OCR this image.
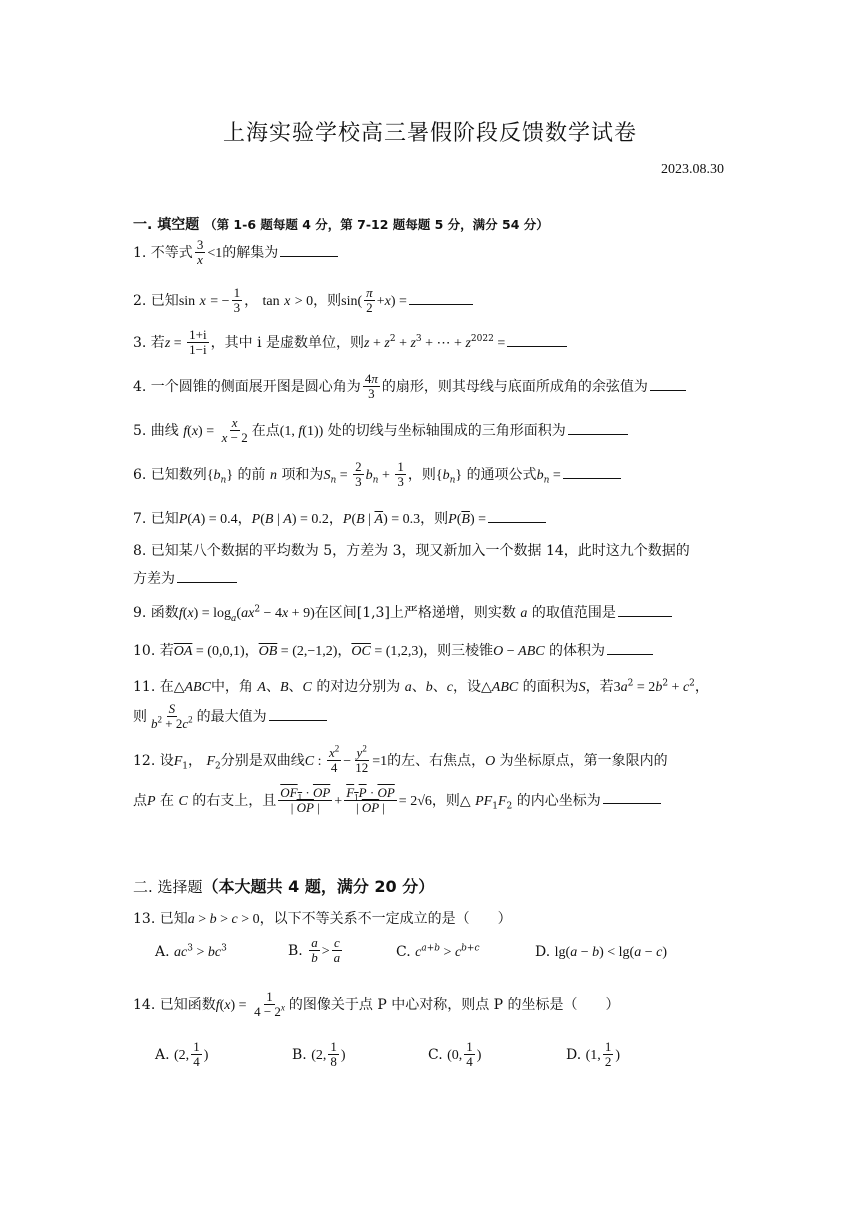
上海实验学校高三暑假阶段反馈数学试卷
2023.08.30
一. 填空题 （第 1-6 题每题 4 分，第 7-12 题每题 5 分，满分 54 分）
1. 不等式 $\frac{3}{x} <1$的解集为
2. 已知sin x = − $\frac{1}{3}$ ， tan x > 0，则$\sin( \frac{\pi}{2} +x)$ =
3. 若$z = \frac{1+i}{1-i}$ ，其中 i 是虚数单位，则$z + z^2 + z^3$ + ⋯ + $z^{2022}$ =
4. 一个圆锥的侧面展开图是圆心角为 $\frac{4\pi}{3}$ 的扇形，则其母线与底面所成角的余弦值为
5. 曲线 $f(x) = \frac{x}{x - 2}$ 在点(1, f(1)) 处的切线与坐标轴围成的三角形面积为
6. 已知数列$\{b_n\}$ 的前 n 项和为$S_n = \frac{2}{3} b_n + \frac{1}{3}$ ，则$\{b_n\}$ 的通项公式$b_n$ =
7. 已知P(A) = 0.4，P(B | A) = 0.2，P(B | $\overline{A}) = 0.3$，则$P(\overline{B})$ =
8. 已知某八个数据的平均数为 5，方差为 3，现又新加入一个数据 14，此时这九个数据的
方差为
9. 函数$f(x) = \log_a(ax^2 - 4x + 9)$在区间[1,3]上严格递增，则实数 a 的取值范围是
10. 若$\overline{OA} = (0,0,1)$，$\overline{OB} = (2,-1,2)$，$\overline{OC} = (1,2,3)$，则三棱锥O − ABC 的体积为
11. 在△ABC中，角 A、B、C 的对边分别为 a、b、c，设△ABC 的面积为S，若$3a^2 = 2b^2 + c^2$，
则 $\frac{S}{b^2 + 2c^2}$ 的最大值为
12. 设$F_1$， $F_2$分别是双曲线C : $\frac{x^2}{4} - \frac{y^2}{12} =1$的左、右焦点，O 为坐标原点，第一象限内的
点P 在 C 的右支上，且 $\frac{OF_1 \cdot \overline{OP}}{| \overline{OP} |} + \frac{F_1P \cdot \overline{OP}}{| \overline{OP} |} = 2√6$，则△ $PF_1F_2$ 的内心坐标为
二. 选择题（本大题共 4 题，满分 20 分）
13. 已知a > b > c > 0，以下不等关系不一定成立的是（　　）
A. $ac^3 > bc^3$	B. $\frac{a}{b} > \frac{c}{a}$	C. $c^{a+b} > c^{b+c}$	D. lg(a − b) < lg(a − c)
14. 已知函数$f(x) = \frac{1}{4 - 2^x}$ 的图像关于点 P 中心对称，则点 P 的坐标是（　　）
A. (2, $\frac{1}{4}$ )	B. (2, $\frac{1}{8}$ )	C. (0, $\frac{1}{4}$ )	D. (1, $\frac{1}{2}$ )
